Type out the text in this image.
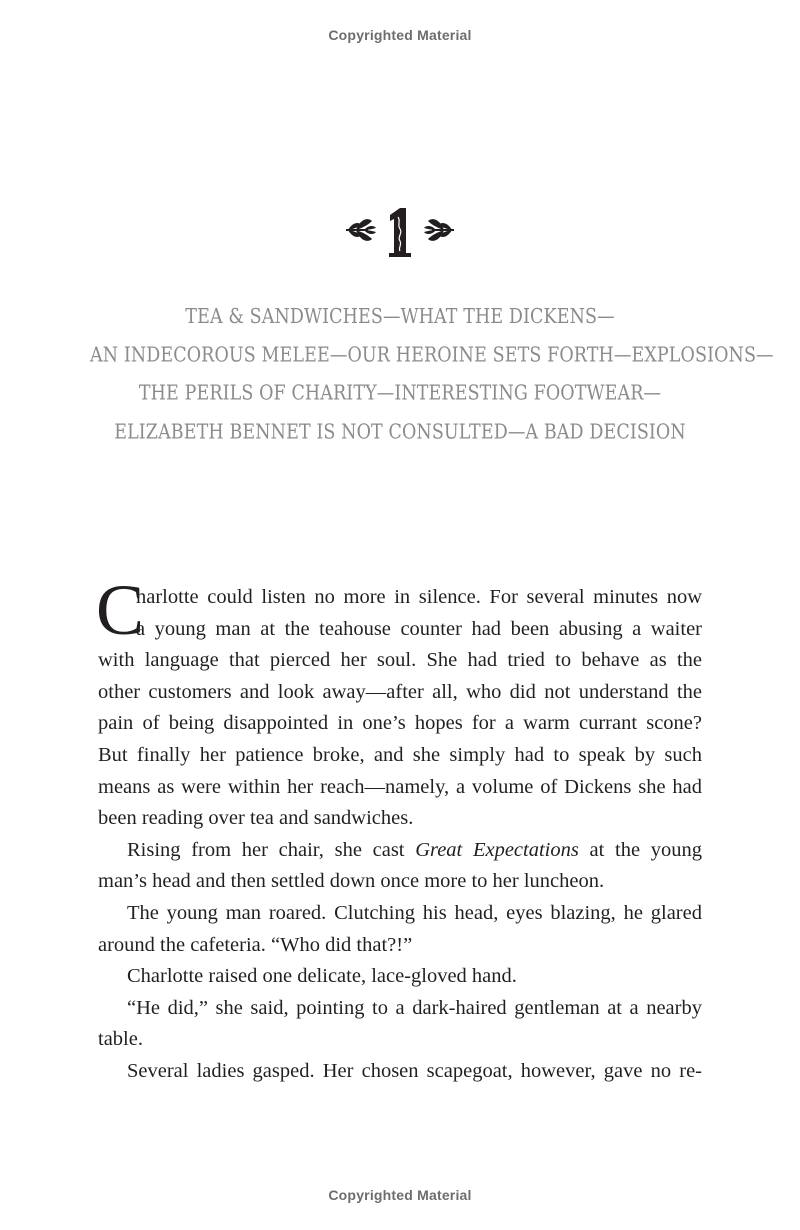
Copyrighted Material
1
TEA & SANDWICHES—WHAT THE DICKENS—
AN INDECOROUS MELEE—OUR HEROINE SETS FORTH—EXPLOSIONS—
THE PERILS OF CHARITY—INTERESTING FOOTWEAR—
ELIZABETH BENNET IS NOT CONSULTED—A BAD DECISION
C

harlotte could listen no more in silence. For several minutes now

a young man at the teahouse counter had been abusing a waiter

with language that pierced her soul. She had tried to behave as the

other customers and look away—after all, who did not understand the

pain of being disappointed in one’s hopes for a warm currant scone?

But finally her patience broke, and she simply had to speak by such

means as were within her reach—namely, a volume of Dickens she had

been reading over tea and sandwiches.

Rising from her chair, she cast Great Expectations at the young

man’s head and then settled down once more to her luncheon.

The young man roared. Clutching his head, eyes blazing, he glared

around the cafeteria. “Who did that?!”

Charlotte raised one delicate, lace-gloved hand.

“He did,” she said, pointing to a dark-haired gentleman at a nearby

table.

Several ladies gasped. Her chosen scapegoat, however, gave no re-

Copyrighted Material
